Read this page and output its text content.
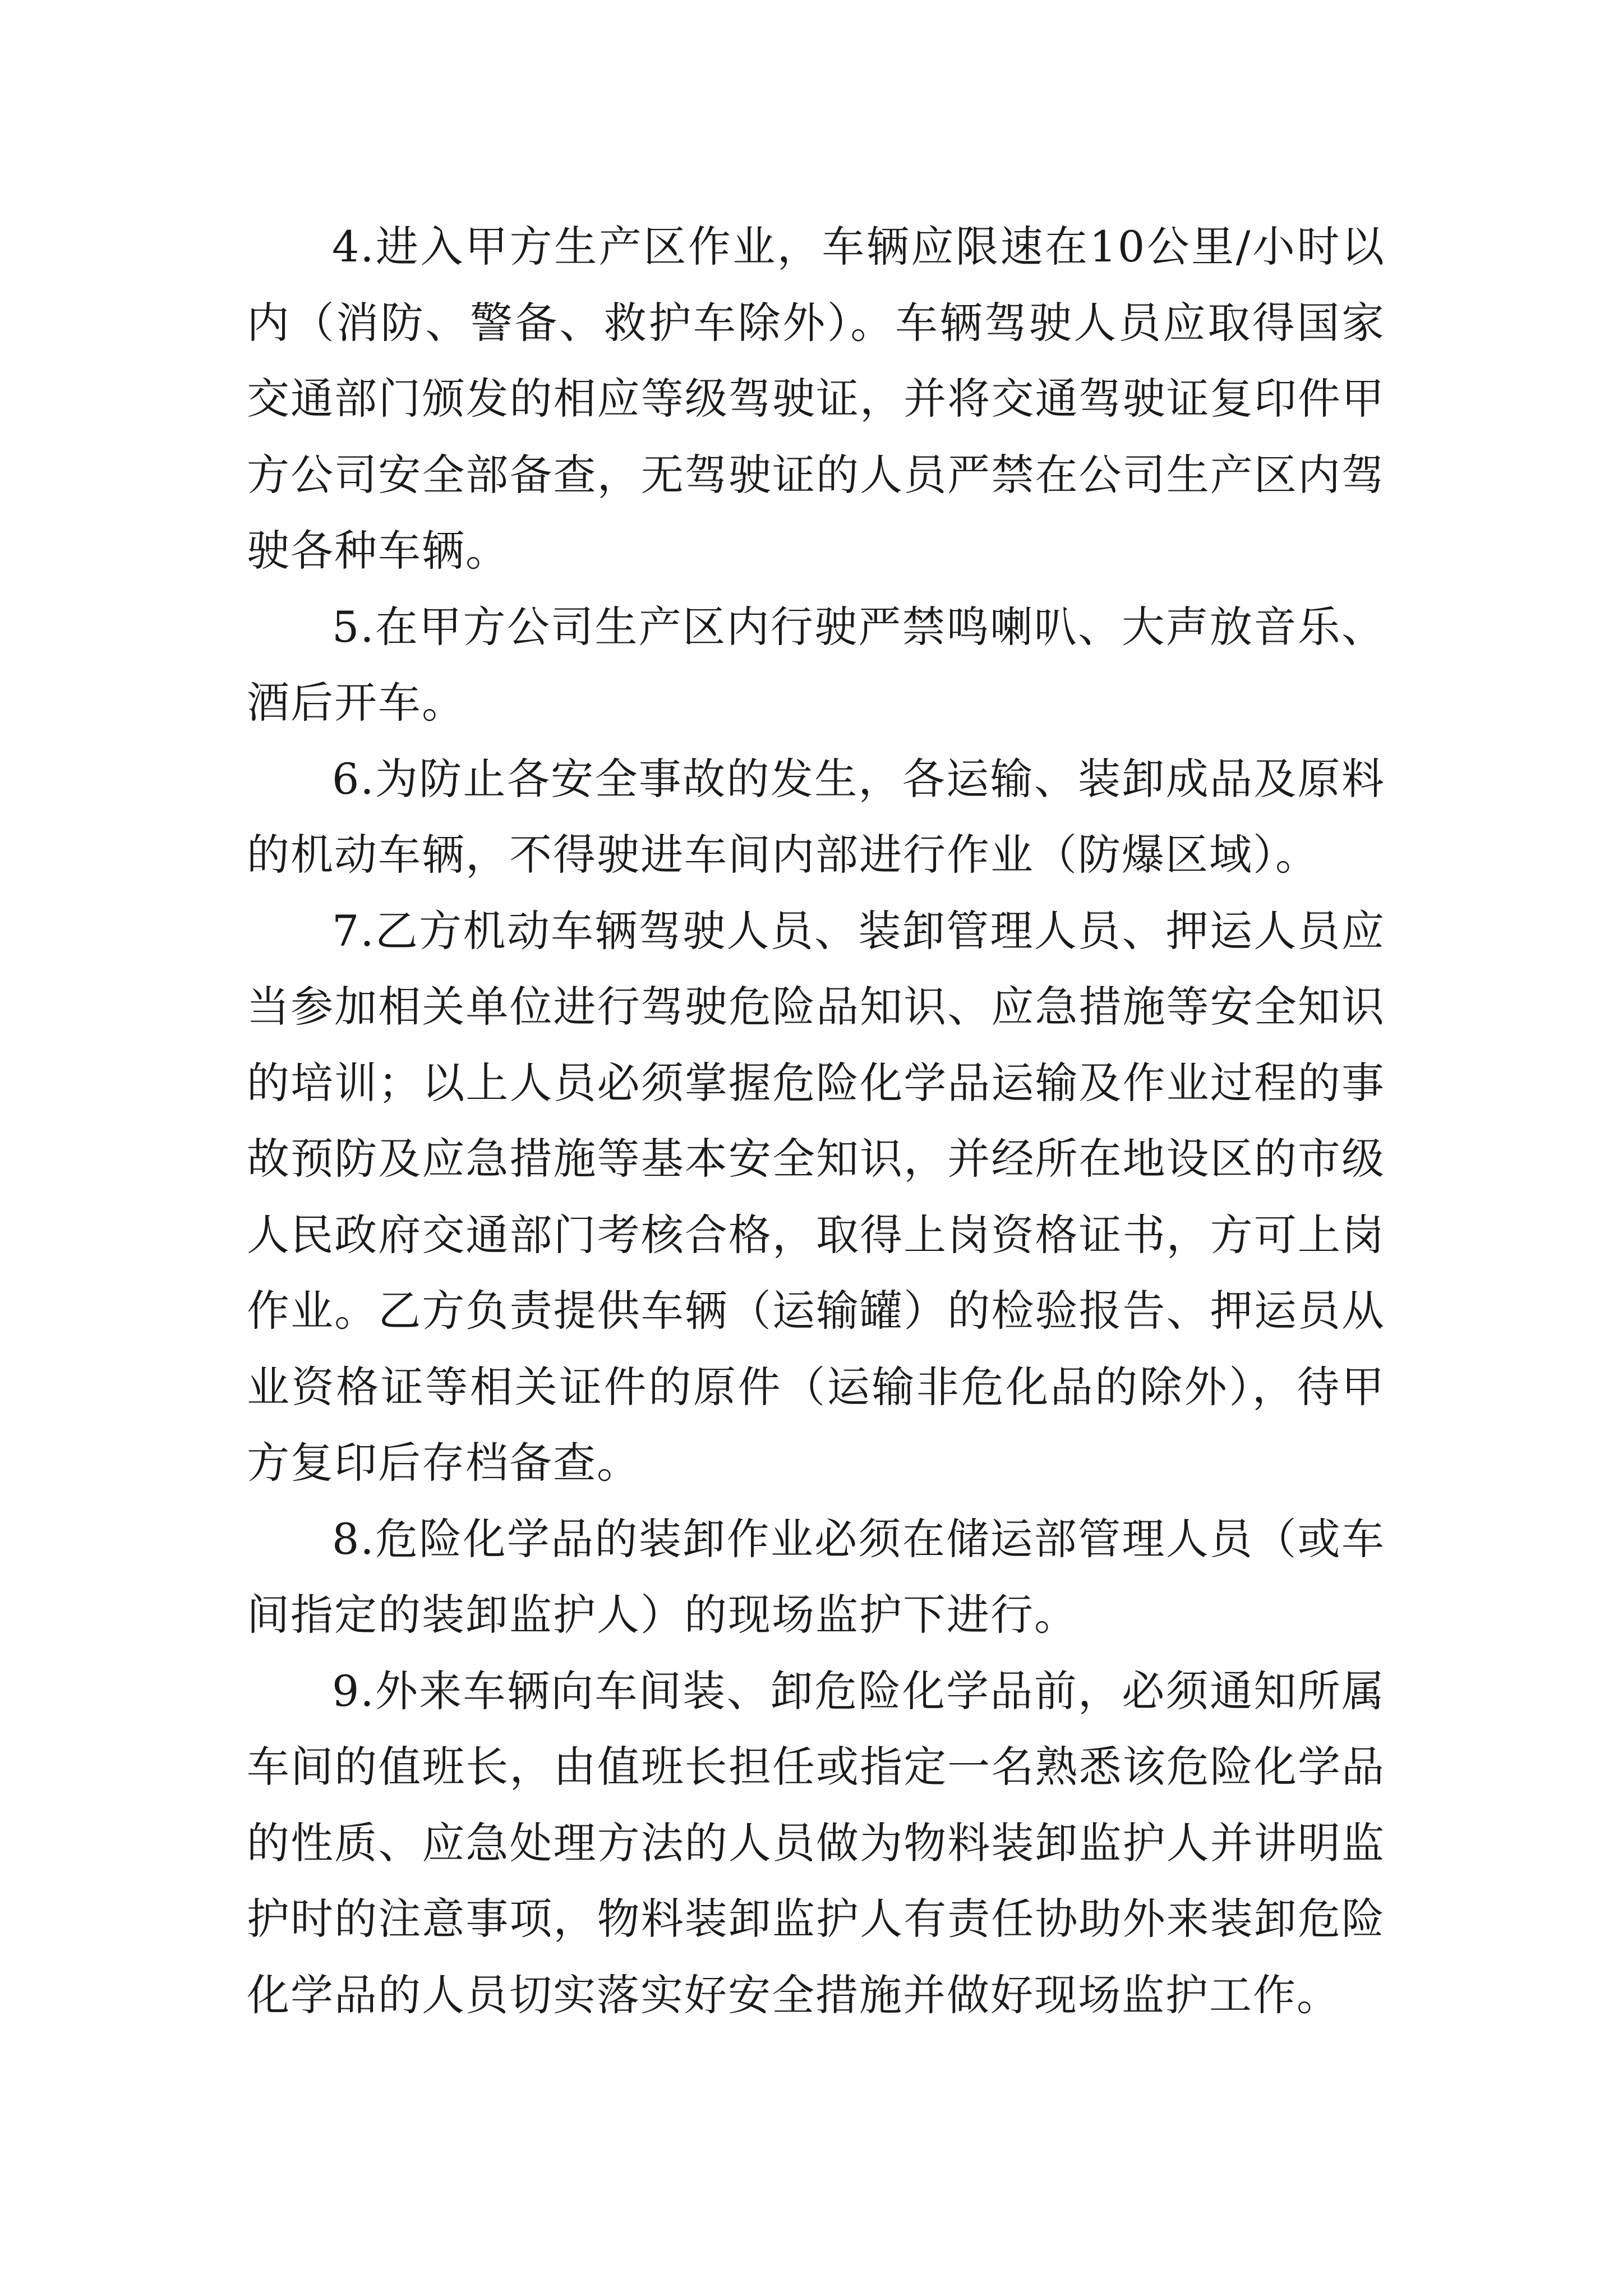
4.进入甲方生产区作业，车辆应限速在10公里/小时以内（消防、警备、救护车除外）。车辆驾驶人员应取得国家交通部门颁发的相应等级驾驶证，并将交通驾驶证复印件甲方公司安全部备查，无驾驶证的人员严禁在公司生产区内驾驶各种车辆。

5.在甲方公司生产区内行驶严禁鸣喇叭、大声放音乐、酒后开车。

6.为防止各安全事故的发生，各运输、装卸成品及原料的机动车辆，不得驶进车间内部进行作业（防爆区域）。

7.乙方机动车辆驾驶人员、装卸管理人员、押运人员应当参加相关单位进行驾驶危险品知识、应急措施等安全知识的培训；以上人员必须掌握危险化学品运输及作业过程的事故预防及应急措施等基本安全知识，并经所在地设区的市级人民政府交通部门考核合格，取得上岗资格证书，方可上岗作业。乙方负责提供车辆（运输罐）的检验报告、押运员从业资格证等相关证件的原件（运输非危化品的除外），待甲方复印后存档备查。

8.危险化学品的装卸作业必须在储运部管理人员（或车间指定的装卸监护人）的现场监护下进行。

9.外来车辆向车间装、卸危险化学品前，必须通知所属车间的值班长，由值班长担任或指定一名熟悉该危险化学品的性质、应急处理方法的人员做为物料装卸监护人并讲明监护时的注意事项，物料装卸监护人有责任协助外来装卸危险化学品的人员切实落实好安全措施并做好现场监护工作。
